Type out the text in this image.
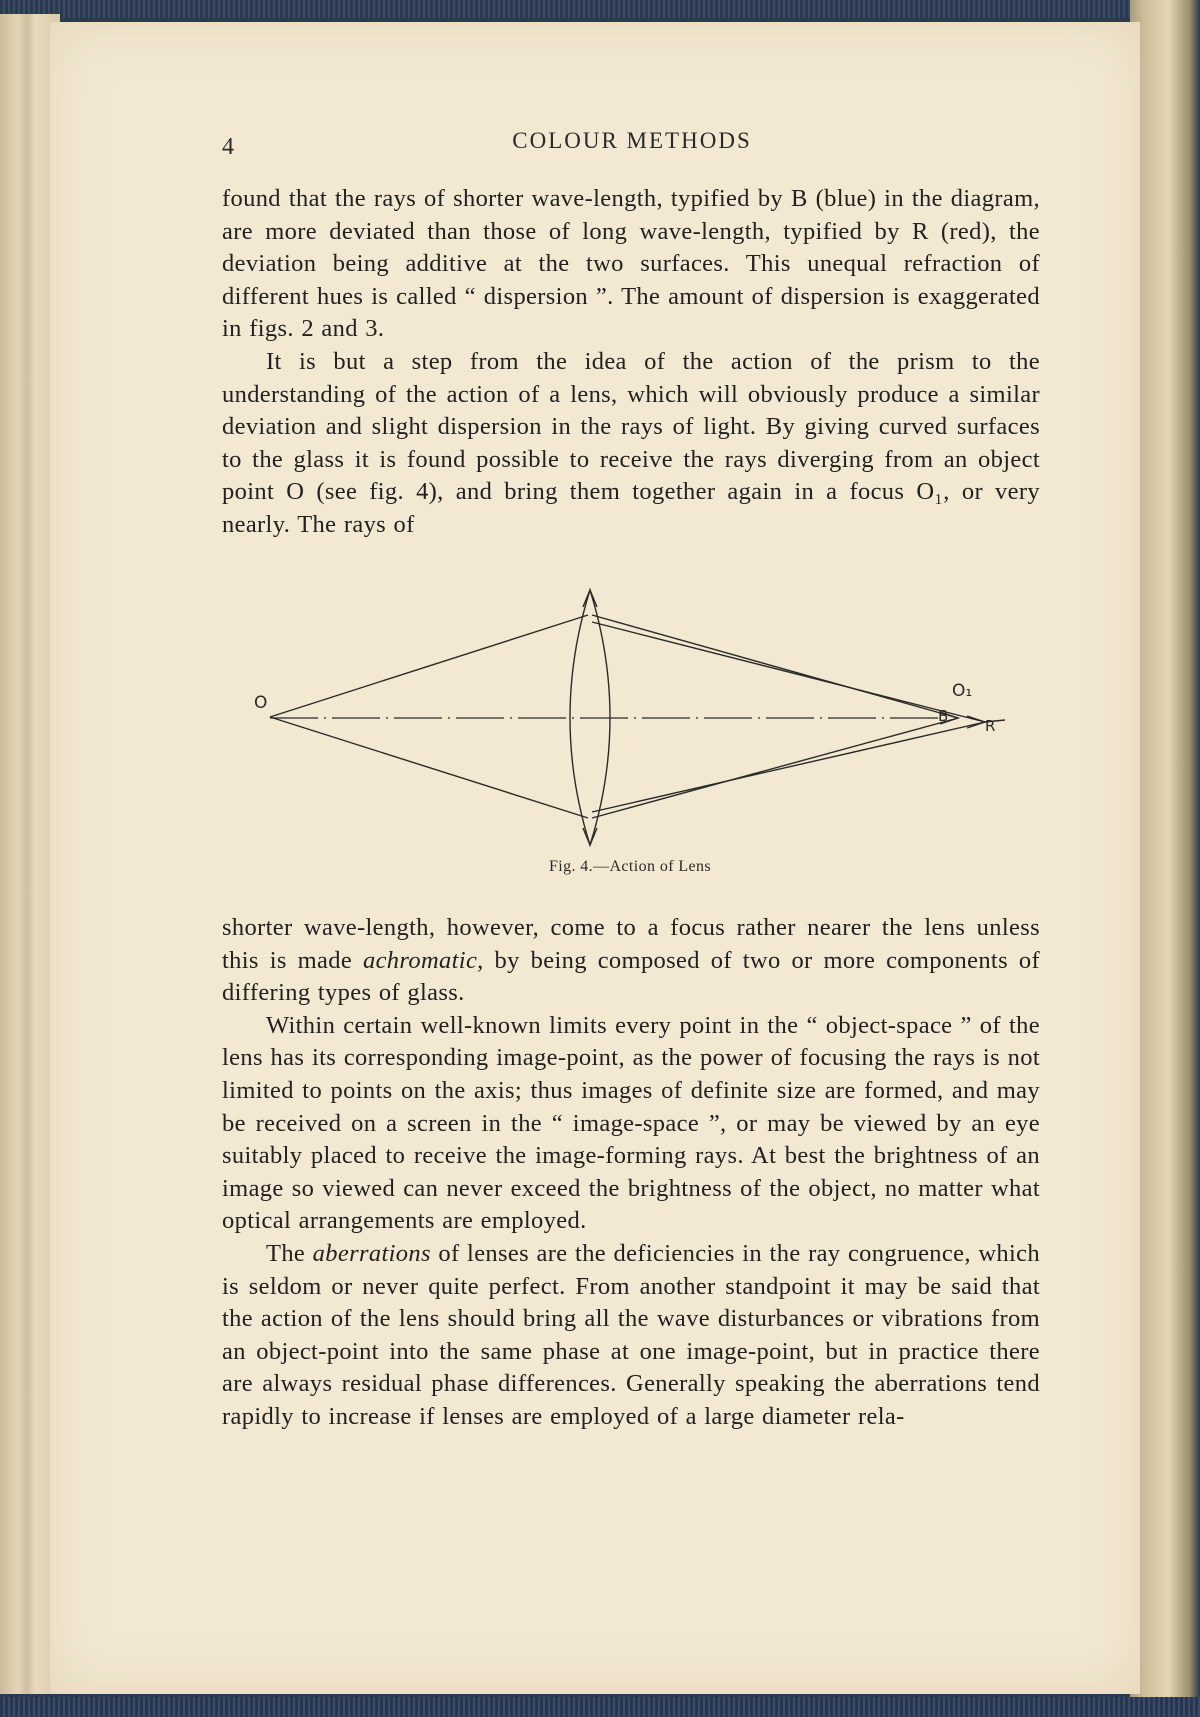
4	COLOUR METHODS

found that the rays of shorter wave-length, typified by B (blue) in the diagram, are more deviated than those of long wave-length, typified by R (red), the deviation being additive at the two surfaces. This unequal refraction of different hues is called “ dispersion ”. The amount of dispersion is exaggerated in figs. 2 and 3.

It is but a step from the idea of the action of the prism to the understanding of the action of a lens, which will obviously produce a similar deviation and slight dispersion in the rays of light. By giving curved surfaces to the glass it is found possible to receive the rays diverging from an object point O (see fig. 4), and bring them together again in a focus O₁, or very nearly. The rays of

O
O₁
B
R
Fig. 4.—Action of Lens

shorter wave-length, however, come to a focus rather nearer the lens unless this is made achromatic, by being composed of two or more components of differing types of glass.

Within certain well-known limits every point in the “ object-space ” of the lens has its corresponding image-point, as the power of focusing the rays is not limited to points on the axis; thus images of definite size are formed, and may be received on a screen in the “ image-space ”, or may be viewed by an eye suitably placed to receive the image-forming rays. At best the brightness of an image so viewed can never exceed the brightness of the object, no matter what optical arrangements are employed.

The aberrations of lenses are the deficiencies in the ray congruence, which is seldom or never quite perfect. From another standpoint it may be said that the action of the lens should bring all the wave disturbances or vibrations from an object-point into the same phase at one image-point, but in practice there are always residual phase differences. Generally speaking the aberrations tend rapidly to increase if lenses are employed of a large diameter rela-
